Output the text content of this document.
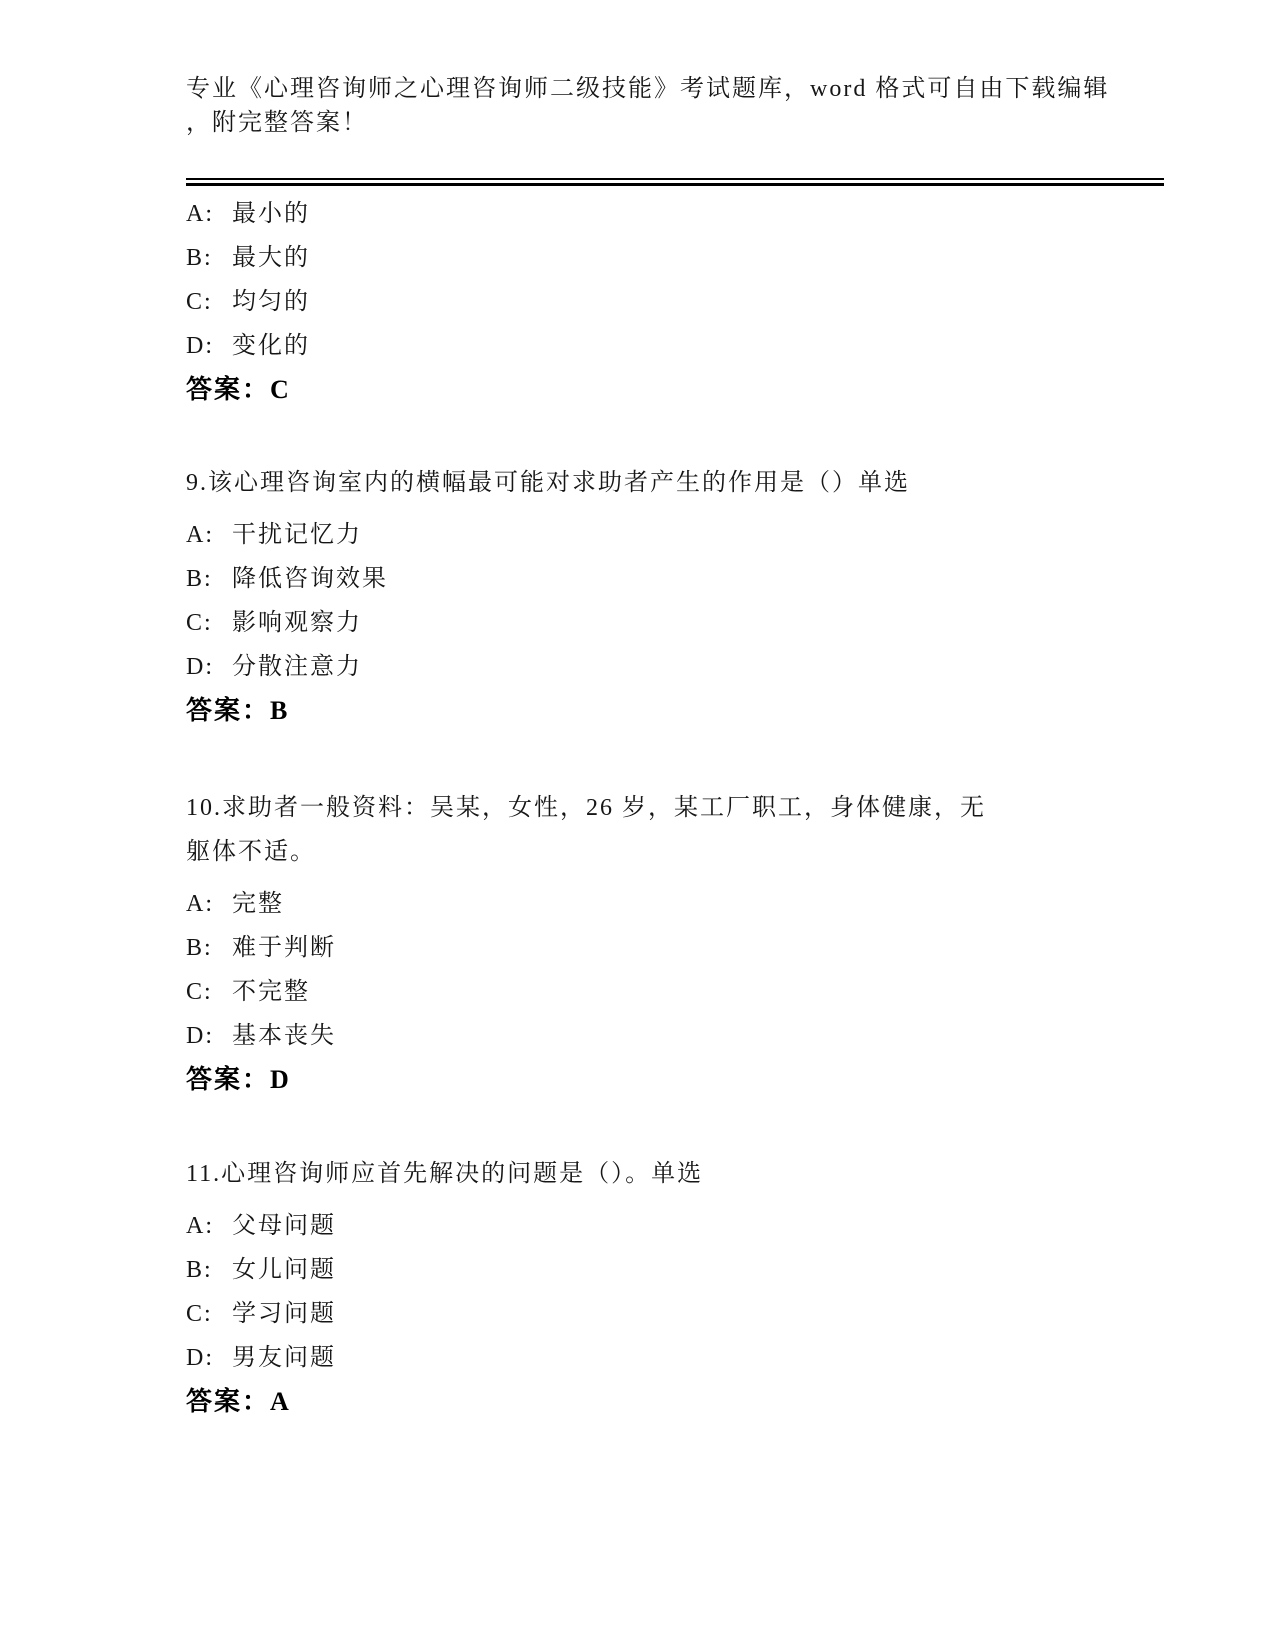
专业《心理咨询师之心理咨询师二级技能》考试题库，word 格式可自由下载编辑
，附完整答案！
A: 最小的
B: 最大的
C: 均匀的
D: 变化的
答案：C
9.该心理咨询室内的横幅最可能对求助者产生的作用是（）单选
A: 干扰记忆力
B: 降低咨询效果
C: 影响观察力
D: 分散注意力
答案：B
10.求助者一般资料：吴某，女性，26 岁，某工厂职工，身体健康，无
躯体不适。
A: 完整
B: 难于判断
C: 不完整
D: 基本丧失
答案：D
11.心理咨询师应首先解决的问题是（）。单选
A: 父母问题
B: 女儿问题
C: 学习问题
D: 男友问题
答案：A
